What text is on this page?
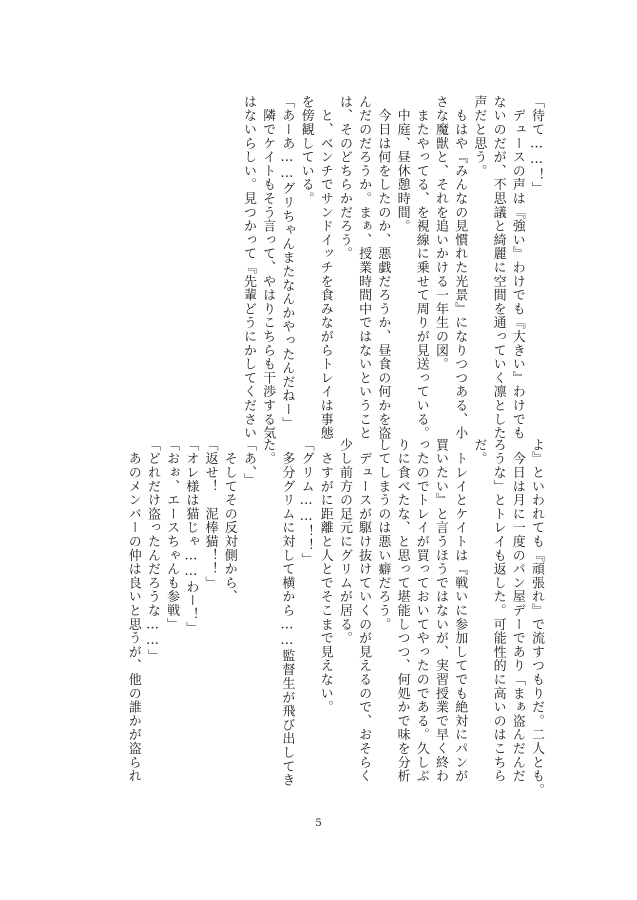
「待て……！」
　デュースの声は『強い』わけでも『大きい』わけでも
ないのだが、不思議と綺麗に空間を通っていく凛とした
声だと思う。
　もはや『みんなの見慣れた光景』になりつつある、小
さな魔獣と、それを追いかける一年生の図。
　またやってる、を視線に乗せて周りが見送っている。
　中庭、昼休憩時間。
　今日は何をしたのか、悪戯だろうか、昼食の何かを盗
んだのだろうか。まぁ、授業時間中ではないということ
は、そのどちらかだろう。
　と、ベンチでサンドイッチを食みながらトレイは事態
を傍観している。
「あーあ……グリちゃんまたなんかやったんだねー」
　隣でケイトもそう言って、やはりこちらも干渉する気
はないらしい。見つかって『先輩どうにかしてください
よ』といわれても『頑張れ』で流すつもりだ。二人とも。
　今日は月に一度のパン屋デーであり「まぁ盗んだんだ
ろうな」とトレイも返した。可能性的に高いのはこちら
だ。
　トレイとケイトは『戦いに参加してでも絶対にパンが
買いたい』と言うほうではないが、実習授業で早く終わ
ったのでトレイが買っておいてやったのである。久しぶ
りに食べたな、と思って堪能しつつ、何処かで味を分析
してしまうのは悪い癖だろう。
　デュースが駆け抜けていくのが見えるので、おそらく
少し前方の足元にグリムが居る。
　さすがに距離と人とでそこまで見えない。
「グリム……！！」
　多分グリムに対して横から……監督生が飛び出してき
た。
「あ、」
　そしてその反対側から、
「返せ！　泥棒猫！！」
「オレ様は猫じゃ……わー！」
「おぉ、エースちゃんも参戦」
「どれだけ盗ったんだろうな……」
　あのメンバーの仲は良いと思うが、他の誰かが盗られ
5
